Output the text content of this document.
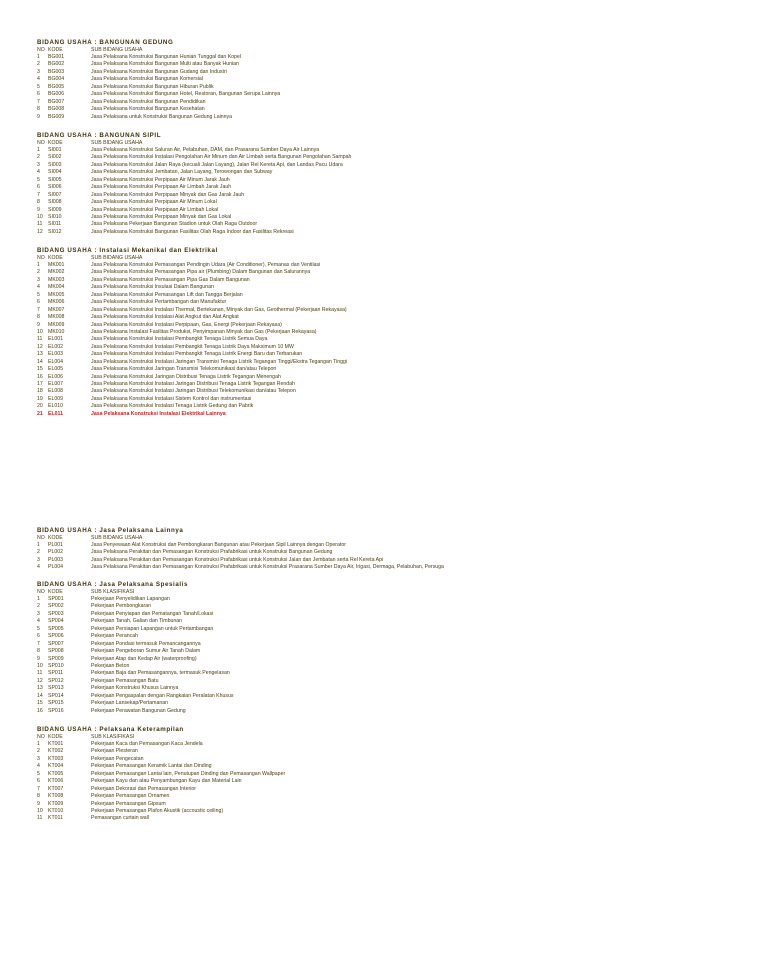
BIDANG USAHA : BANGUNAN GEDUNG
NO KODE	SUB BIDANG USAHA
1	BG001	Jasa Pelaksana Konstruksi Bangunan Hunian Tunggal dan Kopel
2	BG002	Jasa Pelaksana Konstruksi Bangunan Multi atau Banyak Hunian
3	BG003	Jasa Pelaksana Konstruksi Bangunan Gudang dan Industri
4	BG004	Jasa Pelaksana Konstruksi Bangunan Komersial
5	BG005	Jasa Pelaksana Konstruksi Bangunan Hiburan Publik
6	BG006	Jasa Pelaksana Konstruksi Bangunan Hotel, Restoran, Bangunan Serupa Lainnya
7	BG007	Jasa Pelaksana Konstruksi Bangunan Pendidikan
8	BG008	Jasa Pelaksana Konstruksi Bangunan Kesehatan
9	BG009	Jasa Pelaksana untuk Konstruksi Bangunan Gedung Lainnya
BIDANG USAHA : BANGUNAN SIPIL
NO KODE	SUB BIDANG USAHA
1	SI001	Jasa Pelaksana Konstruksi Saluran Air, Pelabuhan, DAM, dan Prasarana Sumber Daya Air Lainnya
2	SI002	Jasa Pelaksana Konstruksi Instalasi Pengolahan Air Minum dan Air Limbah serta Bangunan Pengolahan Sampah
3	SI003	Jasa Pelaksana Konstruksi Jalan Raya (kecuali Jalan Layang), Jalan Rel Kereta Api, dan Landas Pacu Udara
4	SI004	Jasa Pelaksana Konstruksi Jembatan, Jalan Layang, Terowongan dan Subway
5	SI005	Jasa Pelaksana Konstruksi Perpipaan Air Minum Jarak Jauh
6	SI006	Jasa Pelaksana Konstruksi Perpipaan Air Limbah Jarak Jauh
7	SI007	Jasa Pelaksana Konstruksi Perpipaan Minyak dan Gas Jarak Jauh
8	SI008	Jasa Pelaksana Konstruksi Perpipaan Air Minum Lokal
9	SI009	Jasa Pelaksana Konstruksi Perpipaan Air Limbah Lokal
10	SI010	Jasa Pelaksana Konstruksi Perpipaan Minyak dan Gas Lokal
11	SI011	Jasa Pelaksana Pekerjaan Bangunan Stadion untuk Olah Raga Outdoor
12	SI012	Jasa Pelaksana Konstruksi Bangunan Fasilitas Olah Raga Indoor dan Fasilitas Rekreasi
BIDANG USAHA : Instalasi Mekanikal dan Elektrikal
NO KODE	SUB BIDANG USAHA
1	MK001	Jasa Pelaksana Konstruksi Pemasangan Pendingin Udara (Air Conditioner), Pemanas dan Ventilasi
2	MK002	Jasa Pelaksana Konstruksi Pemasangan Pipa air (Plumbing) Dalam Bangunan dan Salurannya
3	MK003	Jasa Pelaksana Konstruksi Pemasangan Pipa Gas Dalam Bangunan
4	MK004	Jasa Pelaksana Konstruksi Insulasi Dalam Bangunan
5	MK005	Jasa Pelaksana Konstruksi Pemasangan Lift dan Tangga Berjalan
6	MK006	Jasa Pelaksana Konstruksi Pertambangan dan Manufaktur
7	MK007	Jasa Pelaksana Konstruksi Instalasi Thermal, Bertekanan, Minyak dan Gas, Geothermal (Pekerjaan Rekayasa)
8	MK008	Jasa Pelaksana Konstruksi Instalasi Alat Angkut dan Alat Angkat
9	MK009	Jasa Pelaksana Konstruksi Instalasi Perpipaan, Gas, Energi (Pekerjaan Rekayasa)
10	MK010	Jasa Pelaksana Instalasi Fasilitas Produksi, Penyimpanan Minyak dan Gas (Pekerjaan Rekayasa)
11	EL001	Jasa Pelaksana Konstruksi Instalasi Pembangkit Tenaga Listrik Semua Daya
12	EL002	Jasa Pelaksana Konstruksi Instalasi Pembangkit Tenaga Listrik Daya Maksimum 10 MW
13	EL003	Jasa Pelaksana Konstruksi Instalasi Pembangkit Tenaga Listrik Energi Baru dan Terbarukan
14	EL004	Jasa Pelaksana Konstruksi Instalasi Jaringan Transmisi Tenaga Listrik Tegangan Tinggi/Ekstra Tegangan Tinggi
15	EL005	Jasa Pelaksana Konstruksi Jaringan Transmisi Telekomunikasi dan/atau Telepon
16	EL006	Jasa Pelaksana Konstruksi Jaringan Distribusi Tenaga Listrik Tegangan Menengah
17	EL007	Jasa Pelaksana Konstruksi Instalasi Jaringan Distribusi Tenaga Listrik Tegangan Rendah
18	EL008	Jasa Pelaksana Konstruksi Instalasi Jaringan Distribusi Telekomunikasi dan/atau Telepon
19	EL009	Jasa Pelaksana Konstruksi Instalasi Sistem Kontrol dan instrumentasi
20	EL010	Jasa Pelaksana Konstruksi Instalasi Tenaga Listrik Gedung dan Pabrik
21	EL011	Jasa Pelaksana Konstruksi Instalasi Elektrikal Lainnya
BIDANG USAHA : Jasa Pelaksana Lainnya
NO KODE	SUB BIDANG USAHA
1	PL001	Jasa Penyewaan Alat Konstruksi dan Pembongkaran Bangunan atau Pekerjaan Sipil Lainnya dengan Operator
2	PL002	Jasa Pelaksana Perakitan dan Pemasangan Konstruksi Prafabrikasi untuk Konstruksi Bangunan Gedung
3	PL003	Jasa Pelaksana Perakitan dan Pemasangan Konstruksi Prafabrikasi untuk Konstruksi Jalan dan Jembatan serta Rel Kereta Api
4	PL004	Jasa Pelaksana Perakitan dan Pemasangan Konstruksi Prafabrikasi untuk Konstruksi Prasarana Sumber Daya Air, Irigasi, Dermaga, Pelabuhan, Persuga
BIDANG USAHA : Jasa Pelaksana Spesialis
NO KODE	SUB KLASIFIKASI
1	SP001	Pekerjaan Penyelidikan Lapangan
2	SP002	Pekerjaan Pembongkaran
3	SP003	Pekerjaan Penyiapan dan Pematangan Tanah/Lokasi
4	SP004	Pekerjaan Tanah, Galian dan Timbunan
5	SP005	Pekerjaan Persiapan Lapangan untuk Pertambangan
6	SP006	Pekerjaan Perancah
7	SP007	Pekerjaan Pondasi termasuk Pemancangannya
8	SP008	Pekerjaan Pengeboran Sumur Air Tanah Dalam
9	SP009	Pekerjaan Atap dan Kedap Air (waterproofing)
10	SP010	Pekerjaan Beton
11	SP011	Pekerjaan Baja dan Pemasangannya, termasuk Pengelasan
12	SP012	Pekerjaan Pemasangan Batu
13	SP013	Pekerjaan Konstruksi Khusus Lainnya
14	SP014	Pekerjaan Pengaspalan dengan Rangkaian Peralatan Khusus
15	SP015	Pekerjaan Lansekap/Pertamanan
16	SP016	Pekerjaan Perawatan Bangunan Gedung
BIDANG USAHA : Pelaksana Keterampilan
NO KODE	SUB KLASIFIKASI
1	KT001	Pekerjaan Kaca dan Pemasangan Kaca Jendela
2	KT002	Pekerjaan Plesteran
3	KT003	Pekerjaan Pengecatan
4	KT004	Pekerjaan Pemasangan Keramik Lantai dan Dinding
5	KT005	Pekerjaan Pemasangan Lantai lain, Penutupan Dinding dan Pemasangan Wallpaper
6	KT006	Pekerjaan Kayu dan atau Penyambungan Kayu dan Material Lain
7	KT007	Pekerjaan Dekorasi dan Pemasangan Interior
8	KT008	Pekerjaan Pemasangan Ornamen
9	KT009	Pekerjaan Pemasangan Gipsum
10	KT010	Pekerjaan Pemasangan Plafon Akustik (accoustic ceiling)
11	KT011	Pemasangan curtain wall
